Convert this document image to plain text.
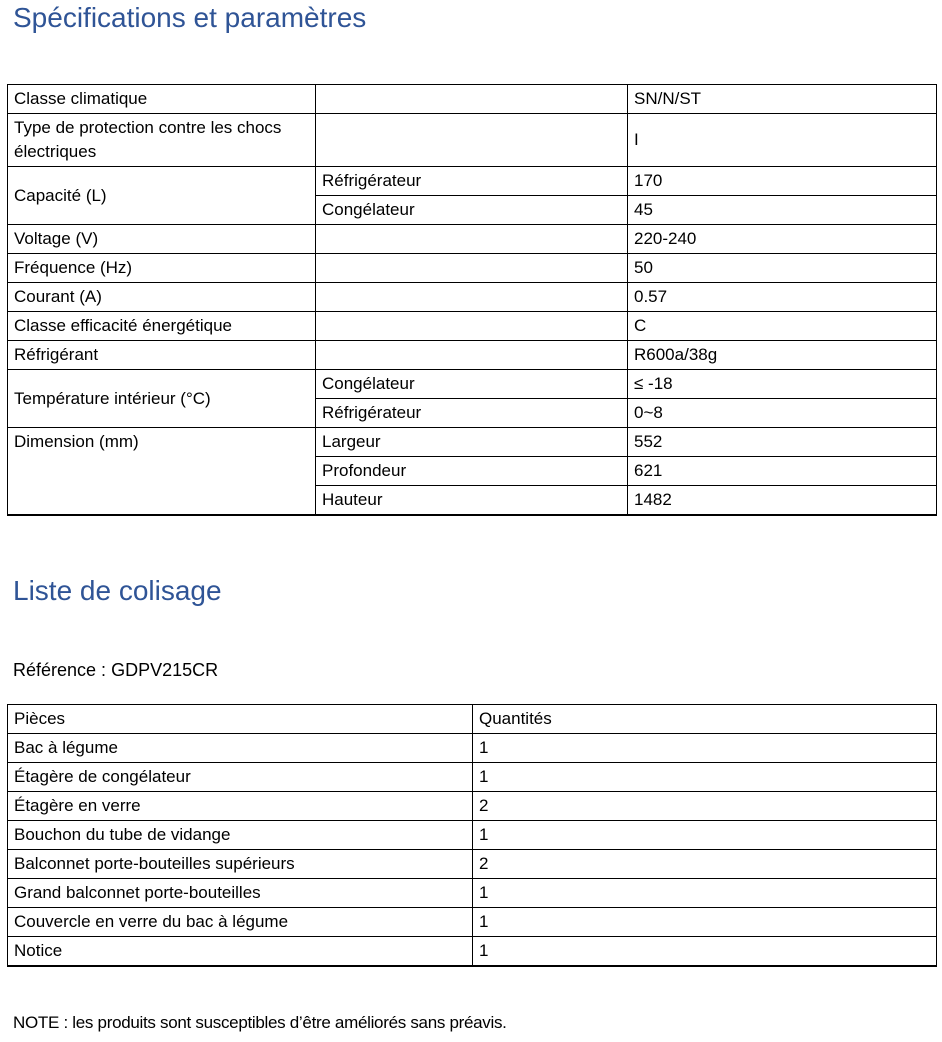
Spécifications et paramètres
Classe climatique		SN/N/ST
Type de protection contre les chocs électriques		I
Capacité (L)	Réfrigérateur	170
	Congélateur	45
Voltage (V)		220-240
Fréquence (Hz)		50
Courant (A)		0.57
Classe efficacité énergétique		C
Réfrigérant		R600a/38g
Température intérieur (°C)	Congélateur	≤ -18
	Réfrigérateur	0~8
Dimension (mm)	Largeur	552
	Profondeur	621
	Hauteur	1482
Liste de colisage

Référence : GDPV215CR

Pièces	Quantités
Bac à légume	1
Étagère de congélateur	1
Étagère en verre	2
Bouchon du tube de vidange	1
Balconnet porte-bouteilles supérieurs	2
Grand balconnet porte-bouteilles	1
Couvercle en verre du bac à légume	1
Notice	1

NOTE : les produits sont susceptibles d’être améliorés sans préavis.
